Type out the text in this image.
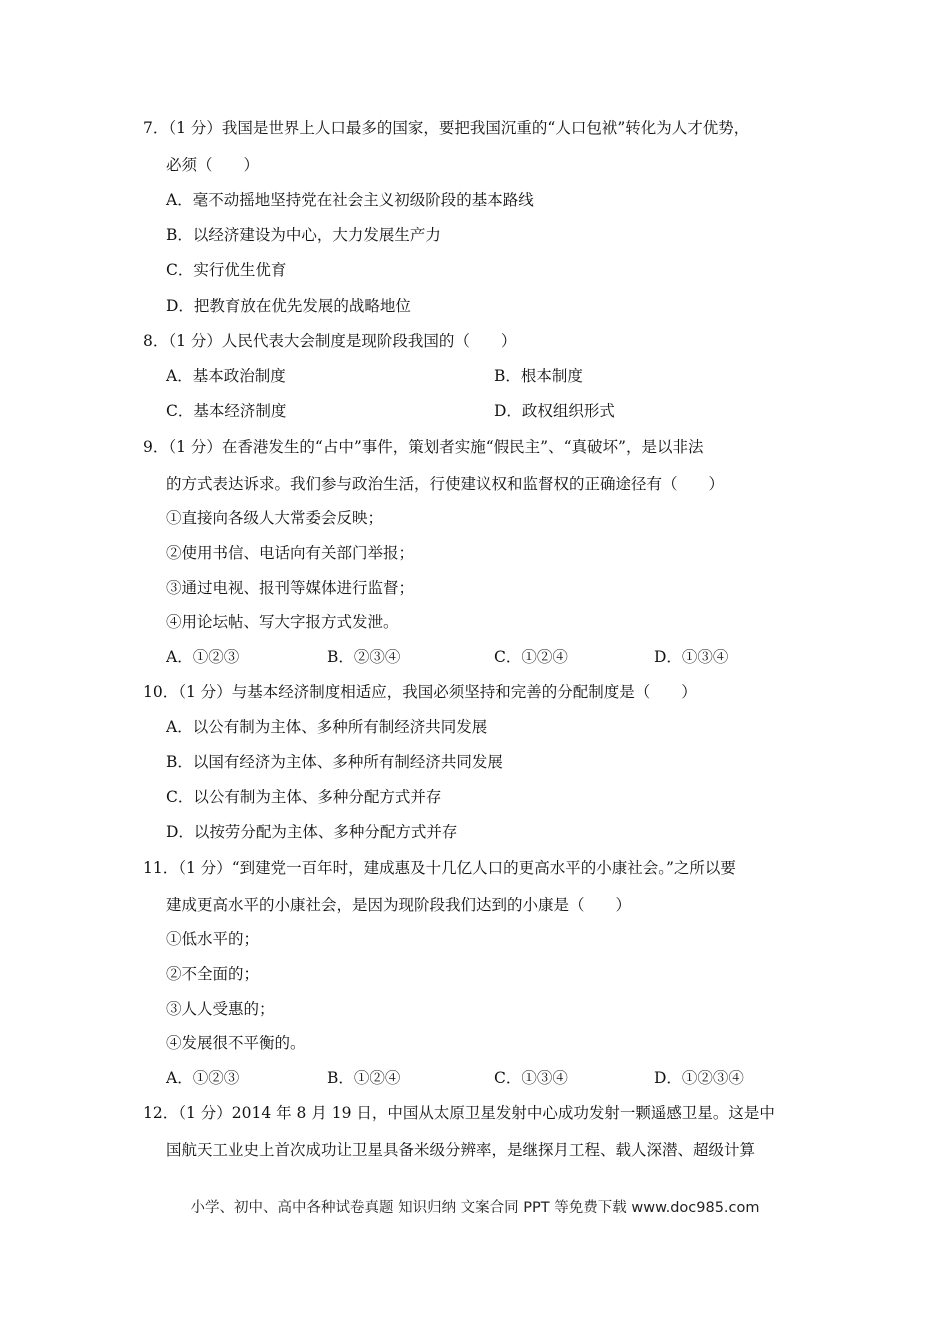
7．（1 分）我国是世界上人口最多的国家，要把我国沉重的“人口包袱”转化为人才优势，
必须（　　）
A．毫不动摇地坚持党在社会主义初级阶段的基本路线
B．以经济建设为中心，大力发展生产力
C．实行优生优育
D．把教育放在优先发展的战略地位
8．（1 分）人民代表大会制度是现阶段我国的（　　）
A．基本政治制度	B．根本制度
C．基本经济制度	D．政权组织形式
9．（1 分）在香港发生的“占中”事件，策划者实施“假民主”、“真破坏”，是以非法
的方式表达诉求。我们参与政治生活，行使建议权和监督权的正确途径有（　　）
①直接向各级人大常委会反映；
②使用书信、电话向有关部门举报；
③通过电视、报刊等媒体进行监督；
④用论坛帖、写大字报方式发泄。
A．①②③	B．②③④	C．①②④	D．①③④
10．（1 分）与基本经济制度相适应，我国必须坚持和完善的分配制度是（　　）
A．以公有制为主体、多种所有制经济共同发展
B．以国有经济为主体、多种所有制经济共同发展
C．以公有制为主体、多种分配方式并存
D．以按劳分配为主体、多种分配方式并存
11．（1 分）“到建党一百年时，建成惠及十几亿人口的更高水平的小康社会。”之所以要
建成更高水平的小康社会，是因为现阶段我们达到的小康是（　　）
①低水平的；
②不全面的；
③人人受惠的；
④发展很不平衡的。
A．①②③	B．①②④	C．①③④	D．①②③④
12．（1 分）2014 年 8 月 19 日，中国从太原卫星发射中心成功发射一颗遥感卫星。这是中
国航天工业史上首次成功让卫星具备米级分辨率，是继探月工程、载人深潜、超级计算
小学、初中、高中各种试卷真题 知识归纳 文案合同 PPT 等免费下载 www.doc985.com
